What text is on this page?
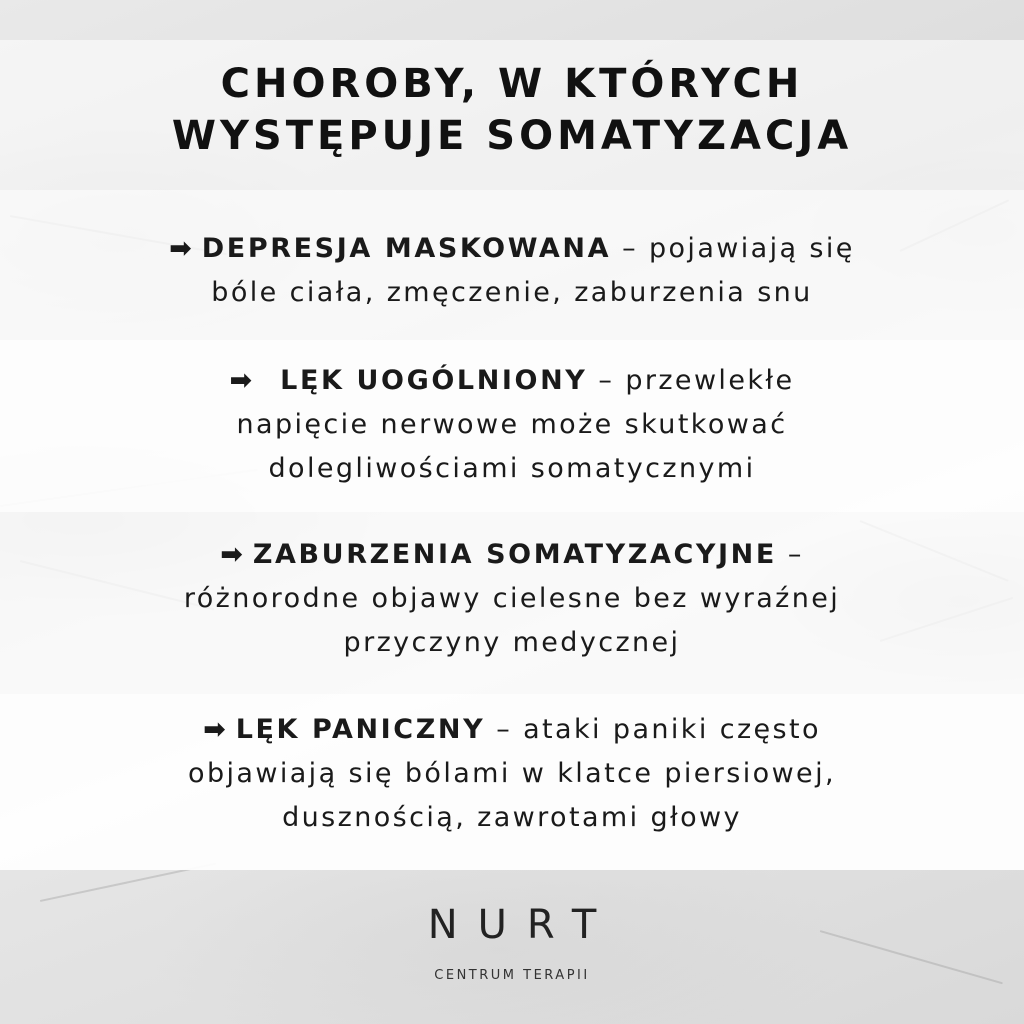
CHOROBY, W KTÓRYCH
WYSTĘPUJE SOMATYZACJA
➡ DEPRESJA MASKOWANA – pojawiają się
bóle ciała, zmęczenie, zaburzenia snu
➡ LĘK UOGÓLNIONY – przewlekłe
napięcie nerwowe może skutkować
dolegliwościami somatycznymi
➡ ZABURZENIA SOMATYZACYJNE –
różnorodne objawy cielesne bez wyraźnej
przyczyny medycznej
➡ LĘK PANICZNY – ataki paniki często
objawiają się bólami w klatce piersiowej,
dusznością, zawrotami głowy
NURT
CENTRUM TERAPII
